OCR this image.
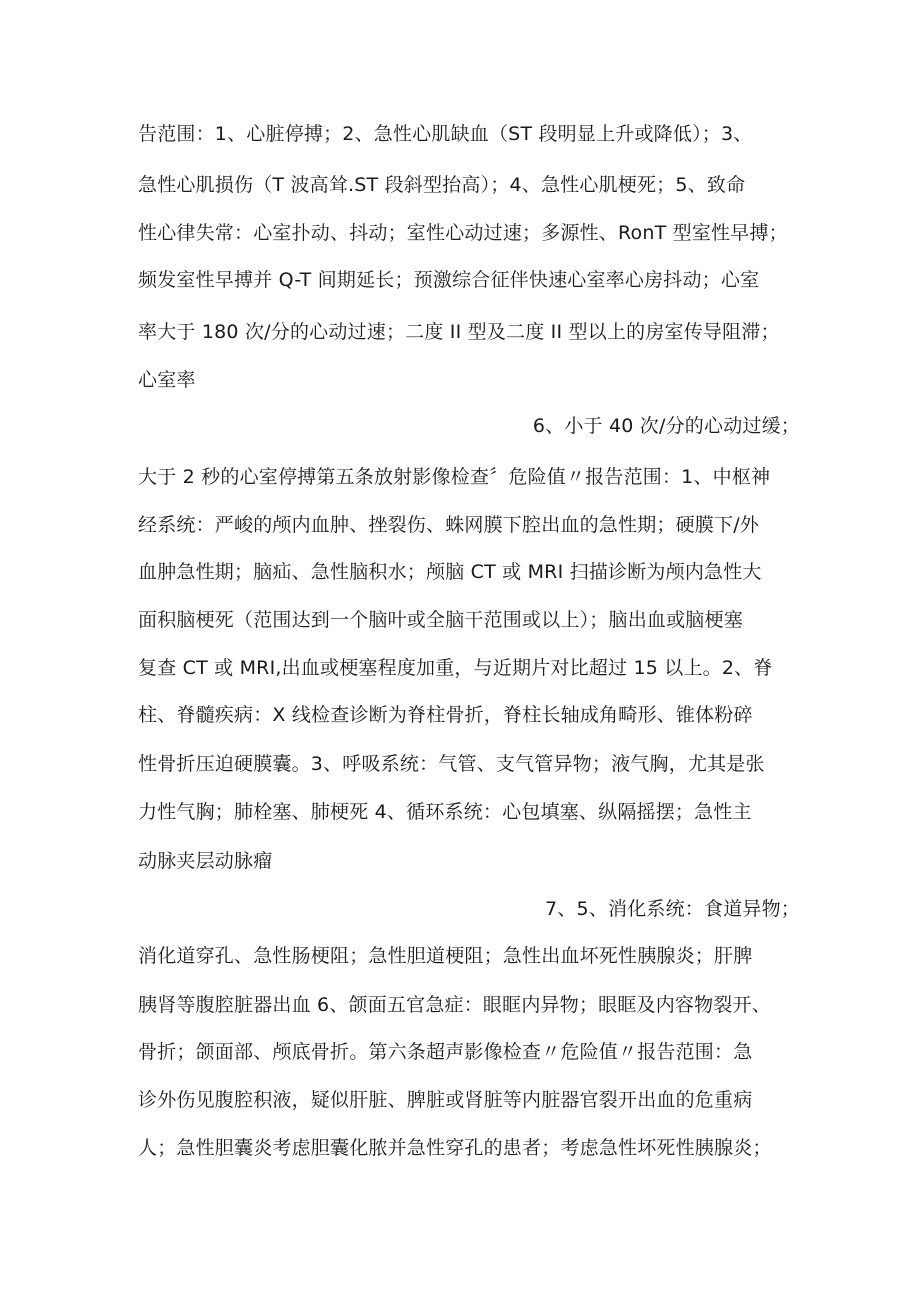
告范围：1、心脏停搏；2、急性心肌缺血（ST 段明显上升或降低）；3、
急性心肌损伤（T 波高耸.ST 段斜型抬高）；4、急性心肌梗死；5、致命
性心律失常：心室扑动、抖动；室性心动过速；多源性、RonT 型室性早搏；
频发室性早搏并 Q-T 间期延长；预激综合征伴快速心室率心房抖动；心室
率大于 180 次/分的心动过速；二度 II 型及二度 II 型以上的房室传导阻滞；
心室率
6、小于 40 次/分的心动过缓；
大于 2 秒的心室停搏第五条放射影像检查〞危险值〃报告范围：1、中枢神
经系统：严峻的颅内血肿、挫裂伤、蛛网膜下腔出血的急性期；硬膜下/外
血肿急性期；脑疝、急性脑积水；颅脑 CT 或 MRI 扫描诊断为颅内急性大
面积脑梗死（范围达到一个脑叶或全脑干范围或以上）；脑出血或脑梗塞
复查 CT 或 MRI,出血或梗塞程度加重，与近期片对比超过 15 以上。2、脊
柱、脊髓疾病：X 线检查诊断为脊柱骨折，脊柱长轴成角畸形、锥体粉碎
性骨折压迫硬膜囊。3、呼吸系统：气管、支气管异物；液气胸，尤其是张
力性气胸；肺栓塞、肺梗死 4、循环系统：心包填塞、纵隔摇摆；急性主
动脉夹层动脉瘤
7、5、消化系统：食道异物；
消化道穿孔、急性肠梗阻；急性胆道梗阻；急性出血坏死性胰腺炎；肝脾
胰肾等腹腔脏器出血 6、颌面五官急症：眼眶内异物；眼眶及内容物裂开、
骨折；颌面部、颅底骨折。第六条超声影像检查〃危险值〃报告范围：急
诊外伤见腹腔积液，疑似肝脏、脾脏或肾脏等内脏器官裂开出血的危重病
人；急性胆囊炎考虑胆囊化脓并急性穿孔的患者；考虑急性坏死性胰腺炎；
